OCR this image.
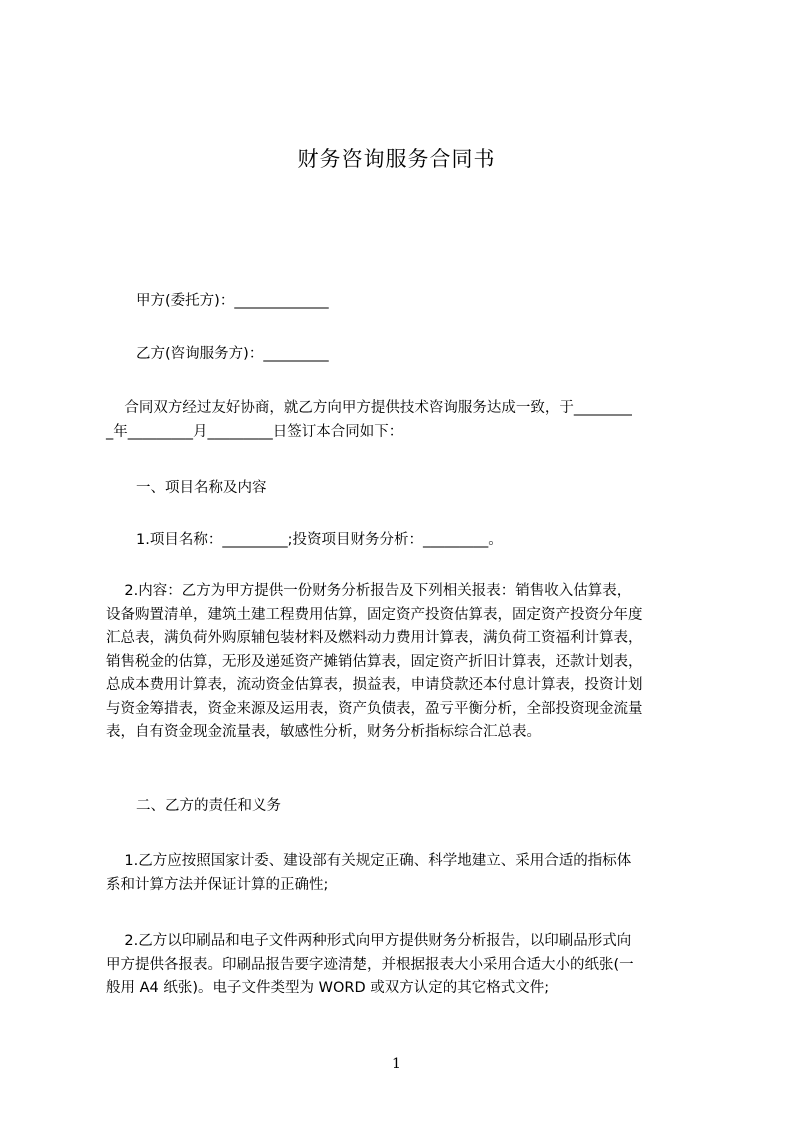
财务咨询服务合同书

甲方(委托方)：_____________

乙方(咨询服务方)：_________

合同双方经过友好协商，就乙方向甲方提供技术咨询服务达成一致，于________
_年_________月_________日签订本合同如下：

一、项目名称及内容

1.项目名称：_________;投资项目财务分析：_________。

2.内容：乙方为甲方提供一份财务分析报告及下列相关报表：销售收入估算表，
设备购置清单，建筑土建工程费用估算，固定资产投资估算表，固定资产投资分年度
汇总表，满负荷外购原辅包装材料及燃料动力费用计算表，满负荷工资福利计算表，
销售税金的估算，无形及递延资产摊销估算表，固定资产折旧计算表，还款计划表，
总成本费用计算表，流动资金估算表，损益表，申请贷款还本付息计算表，投资计划
与资金筹措表，资金来源及运用表，资产负债表，盈亏平衡分析，全部投资现金流量
表，自有资金现金流量表，敏感性分析，财务分析指标综合汇总表。

二、乙方的责任和义务

1.乙方应按照国家计委、建设部有关规定正确、科学地建立、采用合适的指标体
系和计算方法并保证计算的正确性;
2.乙方以印刷品和电子文件两种形式向甲方提供财务分析报告，以印刷品形式向
甲方提供各报表。印刷品报告要字迹清楚，并根据报表大小采用合适大小的纸张(一
般用 A4 纸张)。电子文件类型为 WORD 或双方认定的其它格式文件;
1
